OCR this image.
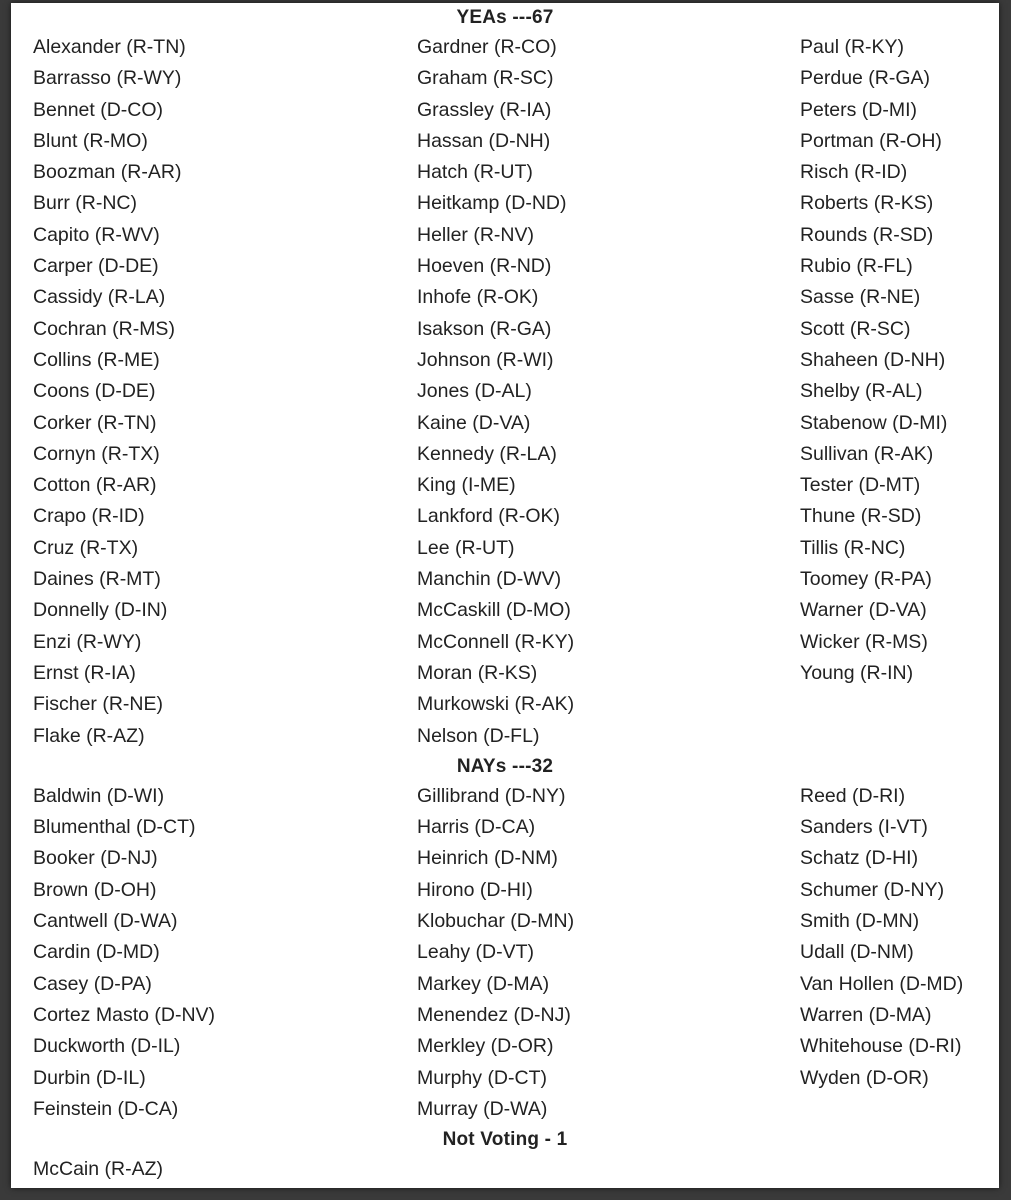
YEAs ---67
Alexander (R-TN)
Barrasso (R-WY)
Bennet (D-CO)
Blunt (R-MO)
Boozman (R-AR)
Burr (R-NC)
Capito (R-WV)
Carper (D-DE)
Cassidy (R-LA)
Cochran (R-MS)
Collins (R-ME)
Coons (D-DE)
Corker (R-TN)
Cornyn (R-TX)
Cotton (R-AR)
Crapo (R-ID)
Cruz (R-TX)
Daines (R-MT)
Donnelly (D-IN)
Enzi (R-WY)
Ernst (R-IA)
Fischer (R-NE)
Flake (R-AZ)
Gardner (R-CO)
Graham (R-SC)
Grassley (R-IA)
Hassan (D-NH)
Hatch (R-UT)
Heitkamp (D-ND)
Heller (R-NV)
Hoeven (R-ND)
Inhofe (R-OK)
Isakson (R-GA)
Johnson (R-WI)
Jones (D-AL)
Kaine (D-VA)
Kennedy (R-LA)
King (I-ME)
Lankford (R-OK)
Lee (R-UT)
Manchin (D-WV)
McCaskill (D-MO)
McConnell (R-KY)
Moran (R-KS)
Murkowski (R-AK)
Nelson (D-FL)
Paul (R-KY)
Perdue (R-GA)
Peters (D-MI)
Portman (R-OH)
Risch (R-ID)
Roberts (R-KS)
Rounds (R-SD)
Rubio (R-FL)
Sasse (R-NE)
Scott (R-SC)
Shaheen (D-NH)
Shelby (R-AL)
Stabenow (D-MI)
Sullivan (R-AK)
Tester (D-MT)
Thune (R-SD)
Tillis (R-NC)
Toomey (R-PA)
Warner (D-VA)
Wicker (R-MS)
Young (R-IN)
NAYs ---32
Baldwin (D-WI)
Blumenthal (D-CT)
Booker (D-NJ)
Brown (D-OH)
Cantwell (D-WA)
Cardin (D-MD)
Casey (D-PA)
Cortez Masto (D-NV)
Duckworth (D-IL)
Durbin (D-IL)
Feinstein (D-CA)
Gillibrand (D-NY)
Harris (D-CA)
Heinrich (D-NM)
Hirono (D-HI)
Klobuchar (D-MN)
Leahy (D-VT)
Markey (D-MA)
Menendez (D-NJ)
Merkley (D-OR)
Murphy (D-CT)
Murray (D-WA)
Reed (D-RI)
Sanders (I-VT)
Schatz (D-HI)
Schumer (D-NY)
Smith (D-MN)
Udall (D-NM)
Van Hollen (D-MD)
Warren (D-MA)
Whitehouse (D-RI)
Wyden (D-OR)
Not Voting - 1
McCain (R-AZ)
